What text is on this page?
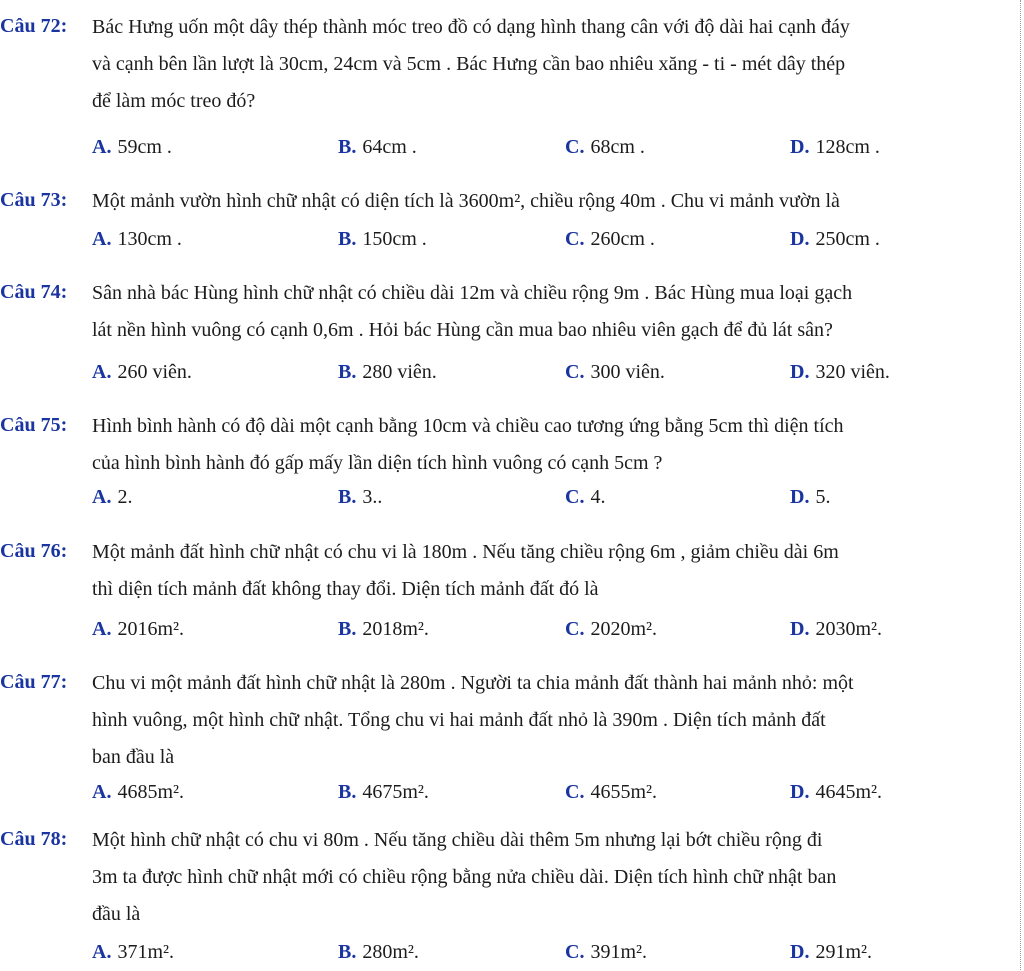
Câu 72: Bác Hưng uốn một dây thép thành móc treo đồ có dạng hình thang cân với độ dài hai cạnh đáy
và cạnh bên lần lượt là 30cm, 24cm và 5cm . Bác Hưng cần bao nhiêu xăng - ti - mét dây thép
để làm móc treo đó?
A. 59cm .	B. 64cm .	C. 68cm .	D. 128cm .
Câu 73: Một mảnh vườn hình chữ nhật có diện tích là 3600m², chiều rộng 40m . Chu vi mảnh vườn là
A. 130cm .	B. 150cm .	C. 260cm .	D. 250cm .
Câu 74: Sân nhà bác Hùng hình chữ nhật có chiều dài 12m và chiều rộng 9m . Bác Hùng mua loại gạch
lát nền hình vuông có cạnh 0,6m . Hỏi bác Hùng cần mua bao nhiêu viên gạch để đủ lát sân?
A. 260 viên.	B. 280 viên.	C. 300 viên.	D. 320 viên.
Câu 75: Hình bình hành có độ dài một cạnh bằng 10cm và chiều cao tương ứng bằng 5cm thì diện tích
của hình bình hành đó gấp mấy lần diện tích hình vuông có cạnh 5cm ?
A. 2.	B. 3..	C. 4.	D. 5.
Câu 76: Một mảnh đất hình chữ nhật có chu vi là 180m . Nếu tăng chiều rộng 6m , giảm chiều dài 6m
thì diện tích mảnh đất không thay đổi. Diện tích mảnh đất đó là
A. 2016m².	B. 2018m².	C. 2020m².	D. 2030m².
Câu 77: Chu vi một mảnh đất hình chữ nhật là 280m . Người ta chia mảnh đất thành hai mảnh nhỏ: một
hình vuông, một hình chữ nhật. Tổng chu vi hai mảnh đất nhỏ là 390m . Diện tích mảnh đất
ban đầu là
A. 4685m².	B. 4675m².	C. 4655m².	D. 4645m².
Câu 78: Một hình chữ nhật có chu vi 80m . Nếu tăng chiều dài thêm 5m nhưng lại bớt chiều rộng đi
3m ta được hình chữ nhật mới có chiều rộng bằng nửa chiều dài. Diện tích hình chữ nhật ban
đầu là
A. 371m².	B. 280m².	C. 391m².	D. 291m².
